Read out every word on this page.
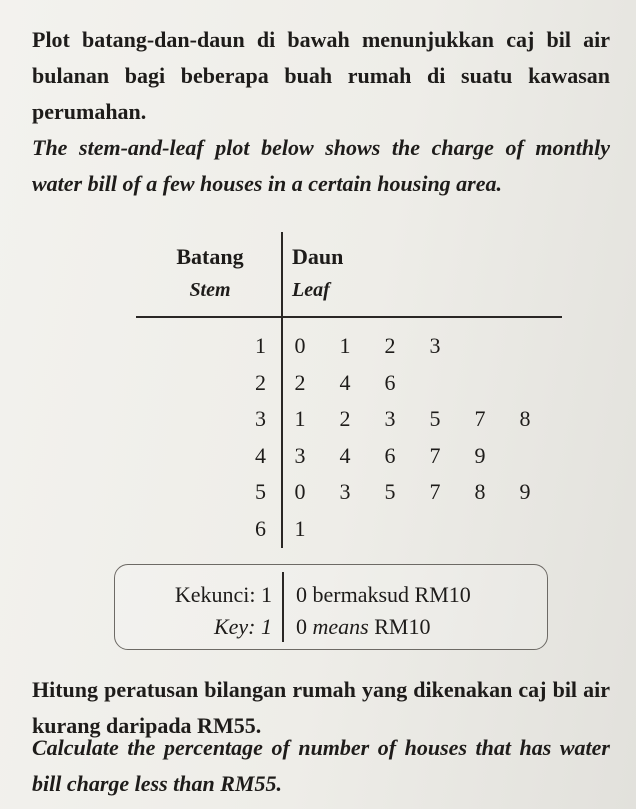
Plot batang-dan-daun di bawah menunjukkan caj bil air bulanan bagi beberapa buah rumah di suatu kawasan perumahan.
The stem-and-leaf plot below shows the charge of monthly water bill of a few houses in a certain housing area.
Batang
Stem
Daun
Leaf
1 0 1 2 3
2 2 4 6
3 1 2 3 5 7 8
4 3 4 6 7 9
5 0 3 5 7 8 9
6 1
Kekunci: 1 0 bermaksud RM10
Key: 1 0 means RM10
Hitung peratusan bilangan rumah yang dikenakan caj bil air kurang daripada RM55.
Calculate the percentage of number of houses that has water bill charge less than RM55.
